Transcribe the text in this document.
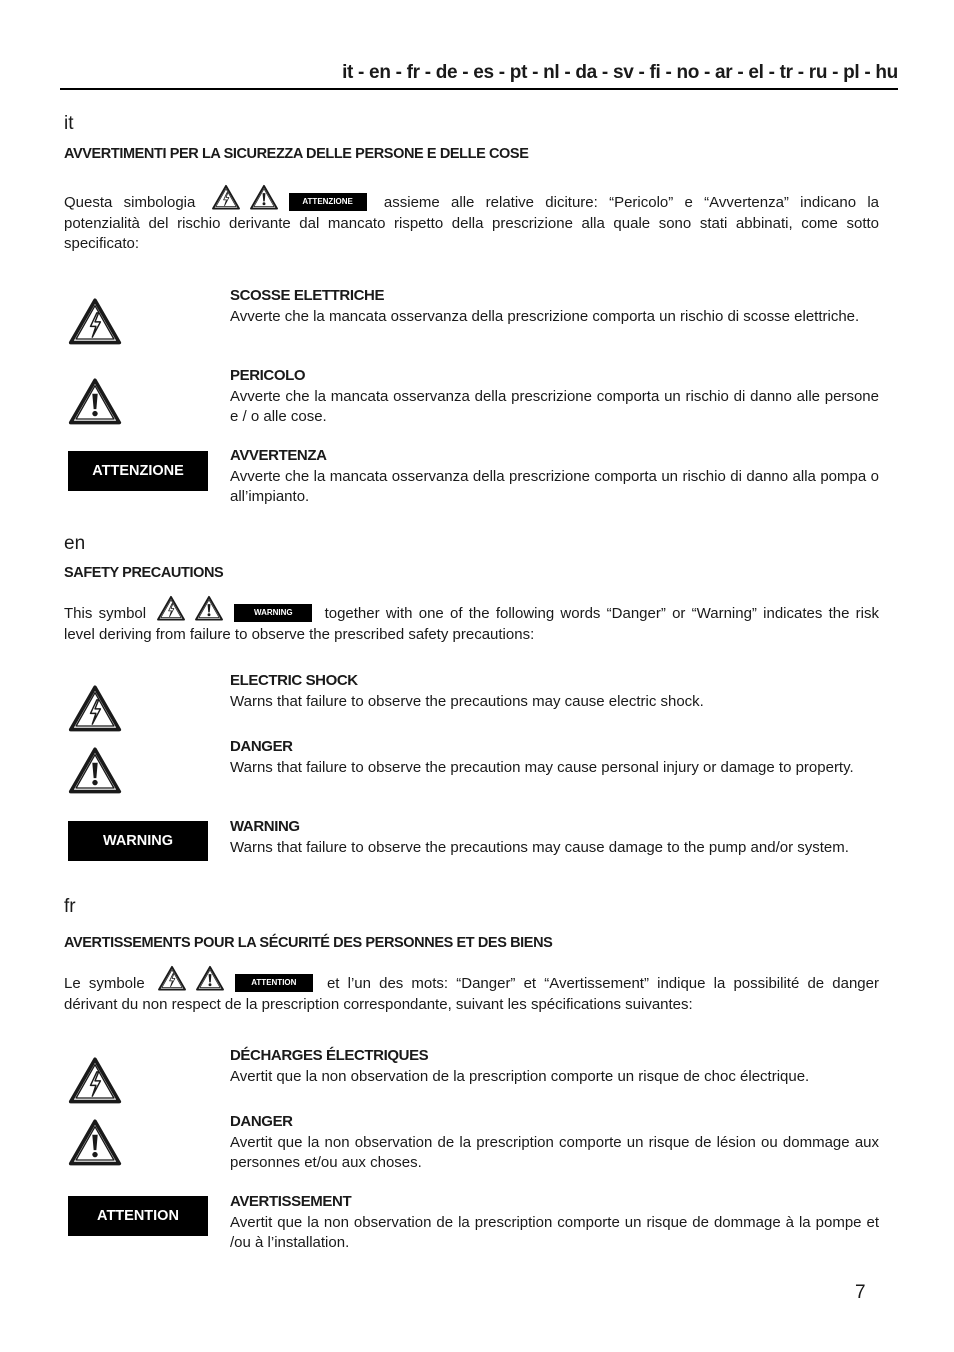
it - en - fr - de - es - pt - nl - da - sv - fi - no - ar - el - tr - ru - pl - hu
it
AVVERTIMENTI PER LA SICUREZZA DELLE PERSONE E DELLE COSE

Questa simbologia	ATTENZIONE assieme alle relative diciture: “Pericolo” e “Avvertenza” indicano la potenzialità del rischio derivante dal mancato rispetto della prescrizione alla quale sono stati abbinati, come sotto specificato:

SCOSSE ELETTRICHE
Avverte che la mancata osservanza della prescrizione comporta un rischio di scosse elettriche.
PERICOLO
Avverte che la mancata osservanza della prescrizione comporta un rischio di danno alle persone e / o alle cose.
ATTENZIONE
AVVERTENZA
Avverte che la mancata osservanza della prescrizione comporta un rischio di danno alla pompa o all’impianto.
en
SAFETY PRECAUTIONS

This symbol	WARNING together with one of the following words “Danger” or “Warning” indicates the risk level deriving from failure to observe the prescribed safety precautions:

ELECTRIC SHOCK
Warns that failure to observe the precautions may cause electric shock.
DANGER
Warns that failure to observe the precaution may cause personal injury or damage to property.
WARNING
WARNING
Warns that failure to observe the precautions may cause damage to the pump and/or system.
fr
AVERTISSEMENTS POUR LA SÉCURITÉ DES PERSONNES ET DES BIENS

Le symbole	ATTENTION et l’un des mots: “Danger” et “Avertissement” indique la possibilité de danger dérivant du non respect de la prescription correspondante, suivant les spécifications suivantes:

DÉCHARGES ÉLECTRIQUES
Avertit que la non observation de la prescription comporte un risque de choc électrique.
DANGER
Avertit que la non observation de la prescription comporte un risque de lésion ou dommage aux personnes et/ou aux choses.
ATTENTION
AVERTISSEMENT
Avertit que la non observation de la prescription comporte un risque de dommage à la pompe et /ou à l’installation.
7
